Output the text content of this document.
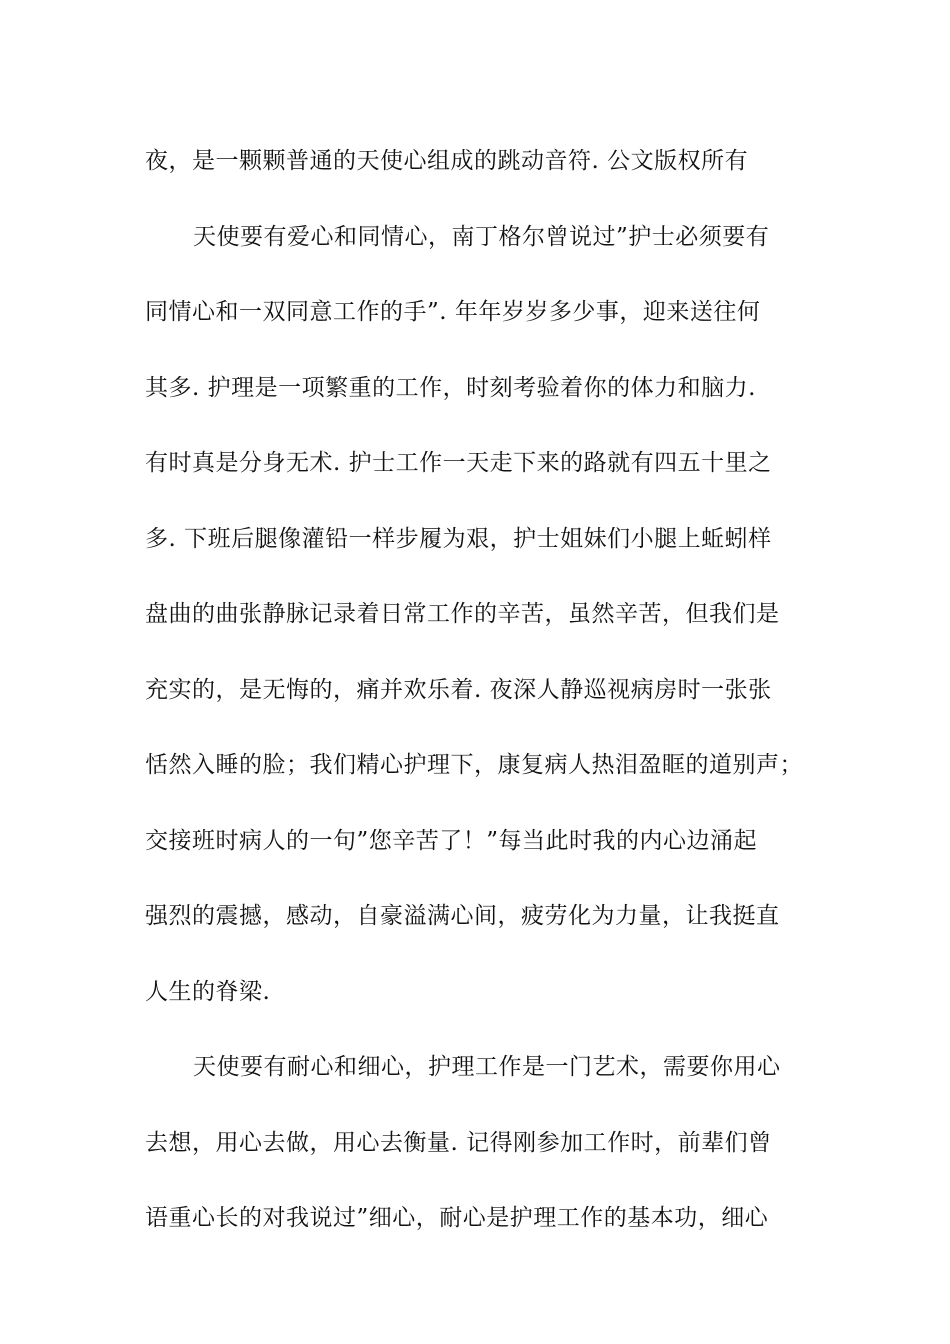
夜，是一颗颗普通的天使心组成的跳动音符. 公文版权所有
天使要有爱心和同情心，南丁格尔曾说过”护士必须要有
同情心和一双同意工作的手”. 年年岁岁多少事，迎来送往何
其多. 护理是一项繁重的工作，时刻考验着你的体力和脑力.
有时真是分身无术. 护士工作一天走下来的路就有四五十里之
多. 下班后腿像灌铅一样步履为艰，护士姐妹们小腿上蚯蚓样
盘曲的曲张静脉记录着日常工作的辛苦，虽然辛苦，但我们是
充实的，是无悔的，痛并欢乐着. 夜深人静巡视病房时一张张
恬然入睡的脸；我们精心护理下，康复病人热泪盈眶的道别声；
交接班时病人的一句”您辛苦了！”每当此时我的内心边涌起
强烈的震撼，感动，自豪溢满心间，疲劳化为力量，让我挺直
人生的脊梁.
天使要有耐心和细心，护理工作是一门艺术，需要你用心
去想，用心去做，用心去衡量. 记得刚参加工作时，前辈们曾
语重心长的对我说过”细心，耐心是护理工作的基本功，细心
